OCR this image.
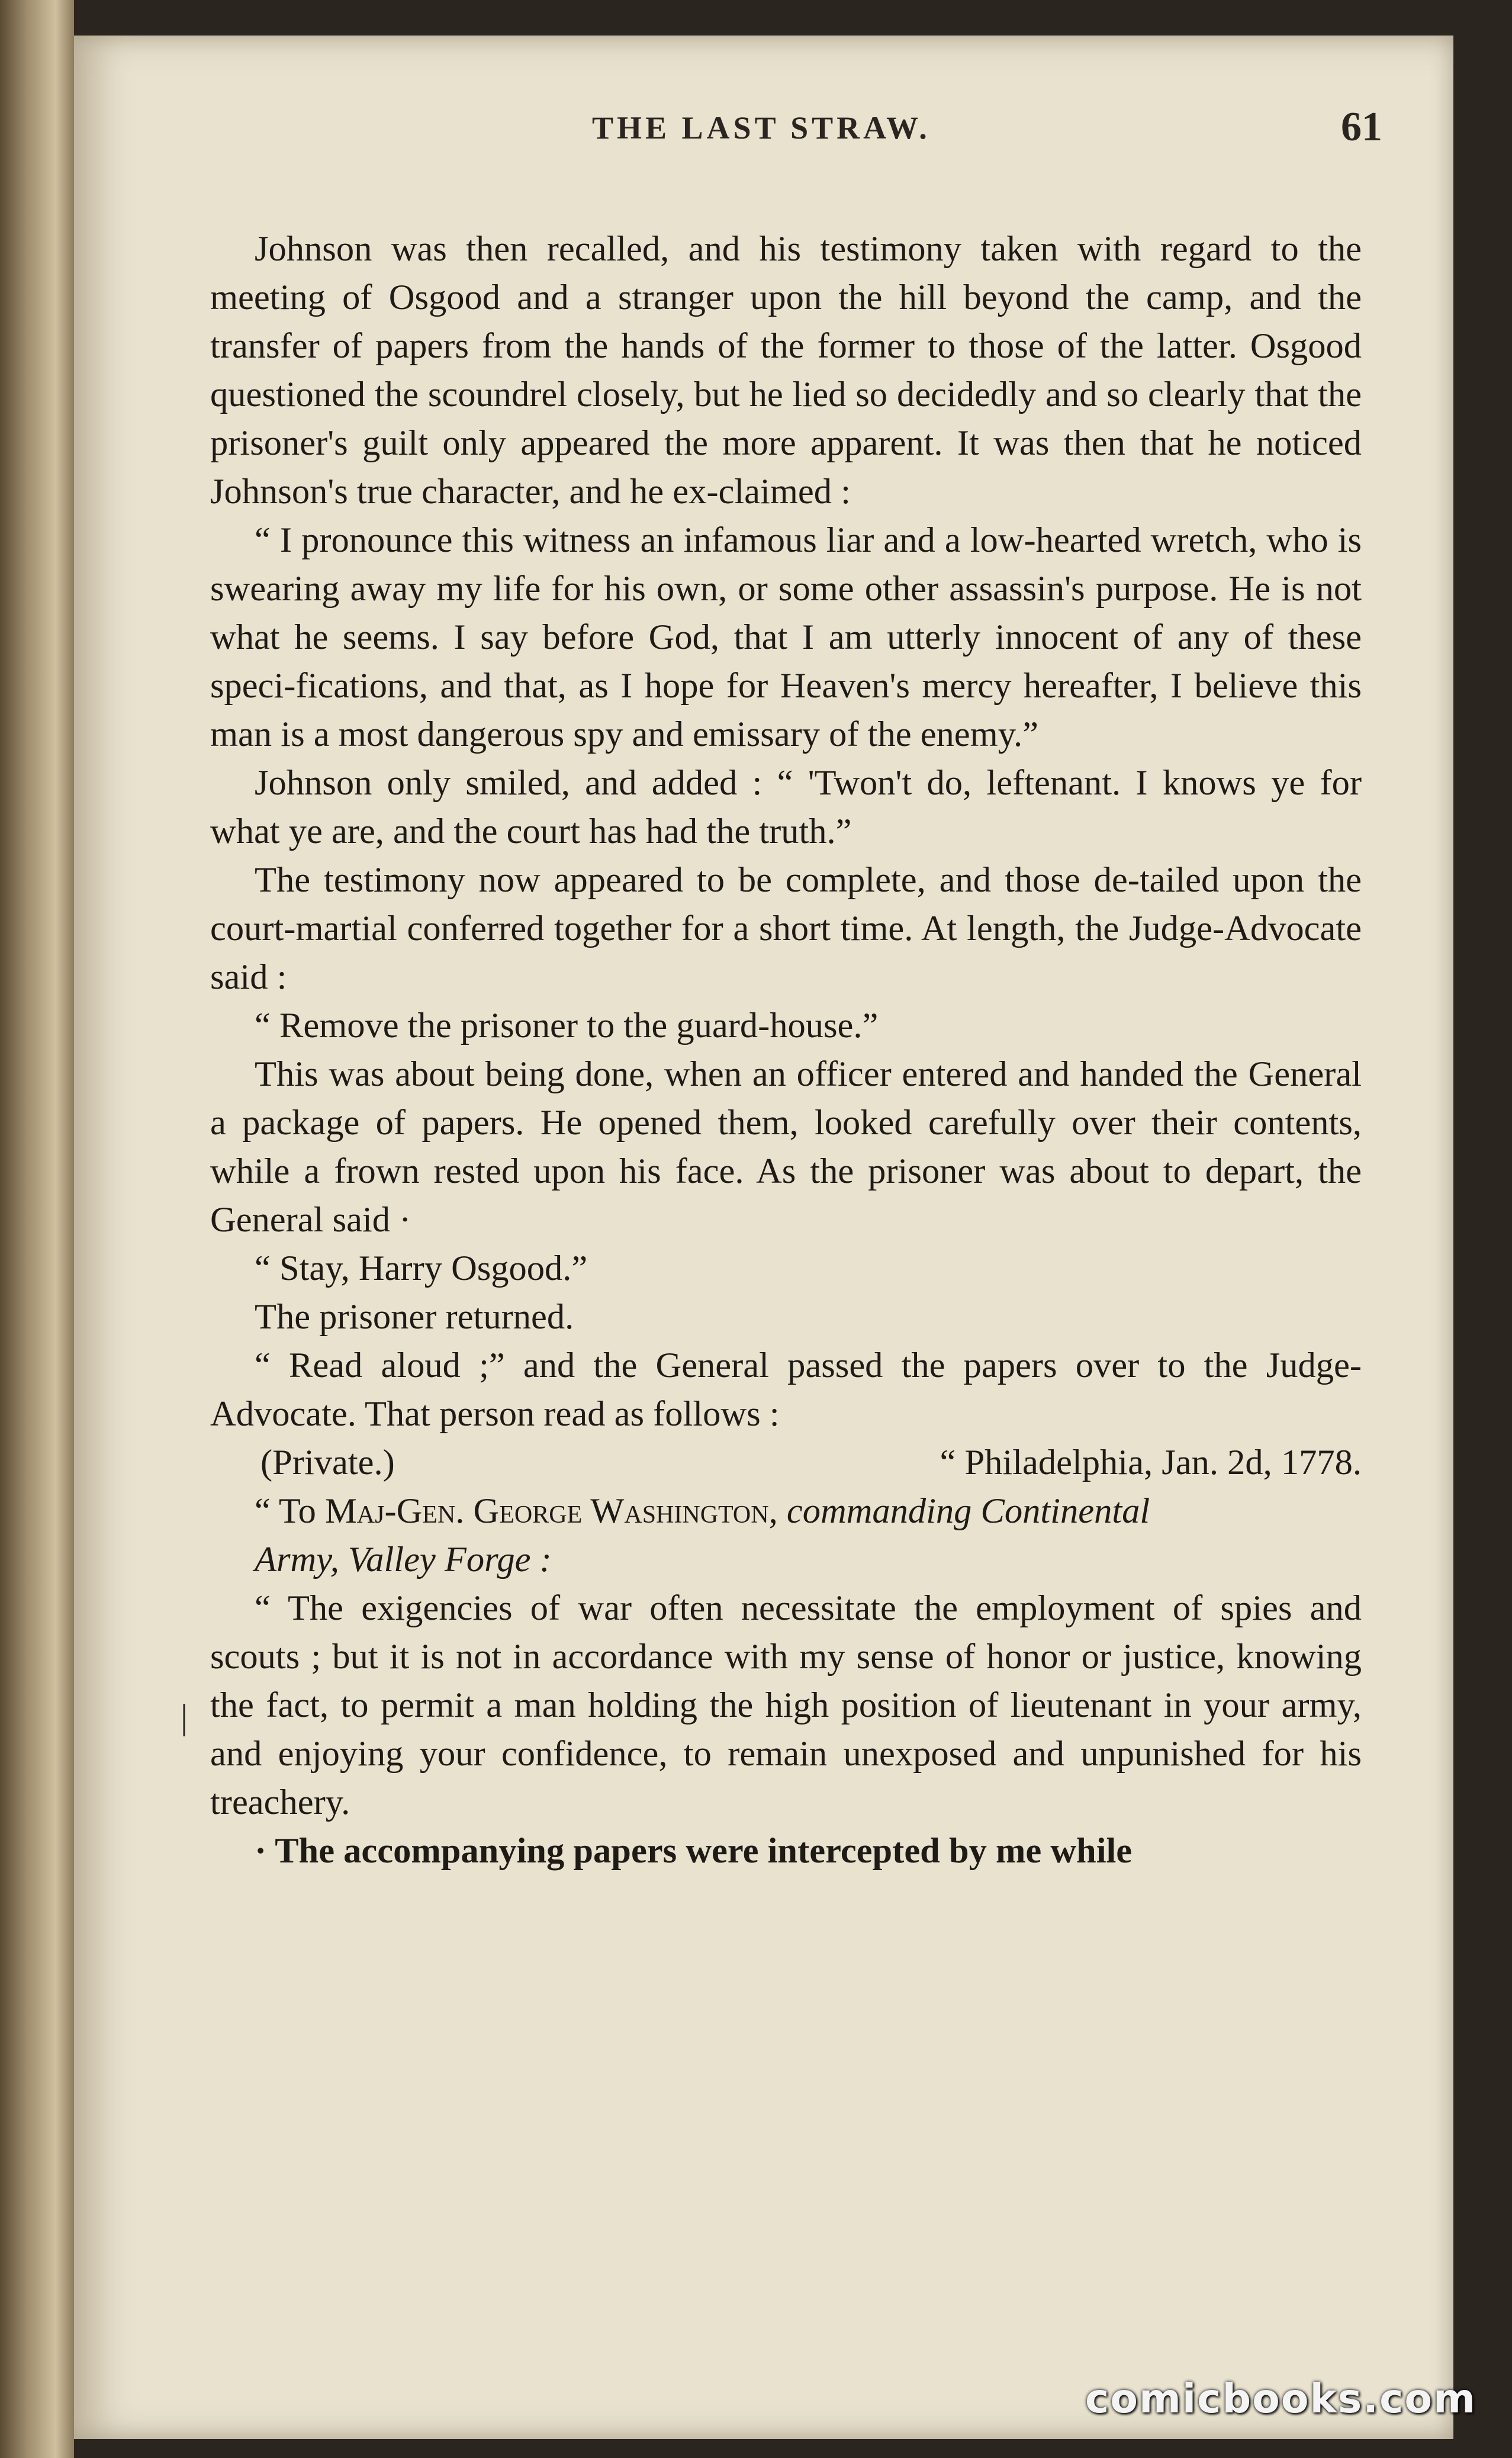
THE LAST STRAW.	61
|

Johnson was then recalled, and his testimony taken with regard to the meeting of Osgood and a stranger upon the hill beyond the camp, and the transfer of papers from the hands of the former to those of the latter. Osgood questioned the scoundrel closely, but he lied so decidedly and so clearly that the prisoner's guilt only appeared the more apparent. It was then that he noticed Johnson's true character, and he ex-claimed :

“ I pronounce this witness an infamous liar and a low-hearted wretch, who is swearing away my life for his own, or some other assassin's purpose. He is not what he seems. I say before God, that I am utterly innocent of any of these speci-fications, and that, as I hope for Heaven's mercy hereafter, I believe this man is a most dangerous spy and emissary of the enemy.”

Johnson only smiled, and added : “ 'Twon't do, leftenant. I knows ye for what ye are, and the court has had the truth.”

The testimony now appeared to be complete, and those de-tailed upon the court-martial conferred together for a short time. At length, the Judge-Advocate said :

“ Remove the prisoner to the guard-house.”

This was about being done, when an officer entered and handed the General a package of papers. He opened them, looked carefully over their contents, while a frown rested upon his face. As the prisoner was about to depart, the General said ·

“ Stay, Harry Osgood.”

The prisoner returned.

“ Read aloud ;” and the General passed the papers over to the Judge-Advocate. That person read as follows :

(Private.)	“ Philadelphia, Jan. 2d, 1778.

“ To Maj-Gen. George Washington, commanding Continental

Army, Valley Forge :

“ The exigencies of war often necessitate the employment of spies and scouts ; but it is not in accordance with my sense of honor or justice, knowing the fact, to permit a man holding the high position of lieutenant in your army, and enjoying your confidence, to remain unexposed and unpunished for his treachery.

· The accompanying papers were intercepted by me while

comicbooks.com
